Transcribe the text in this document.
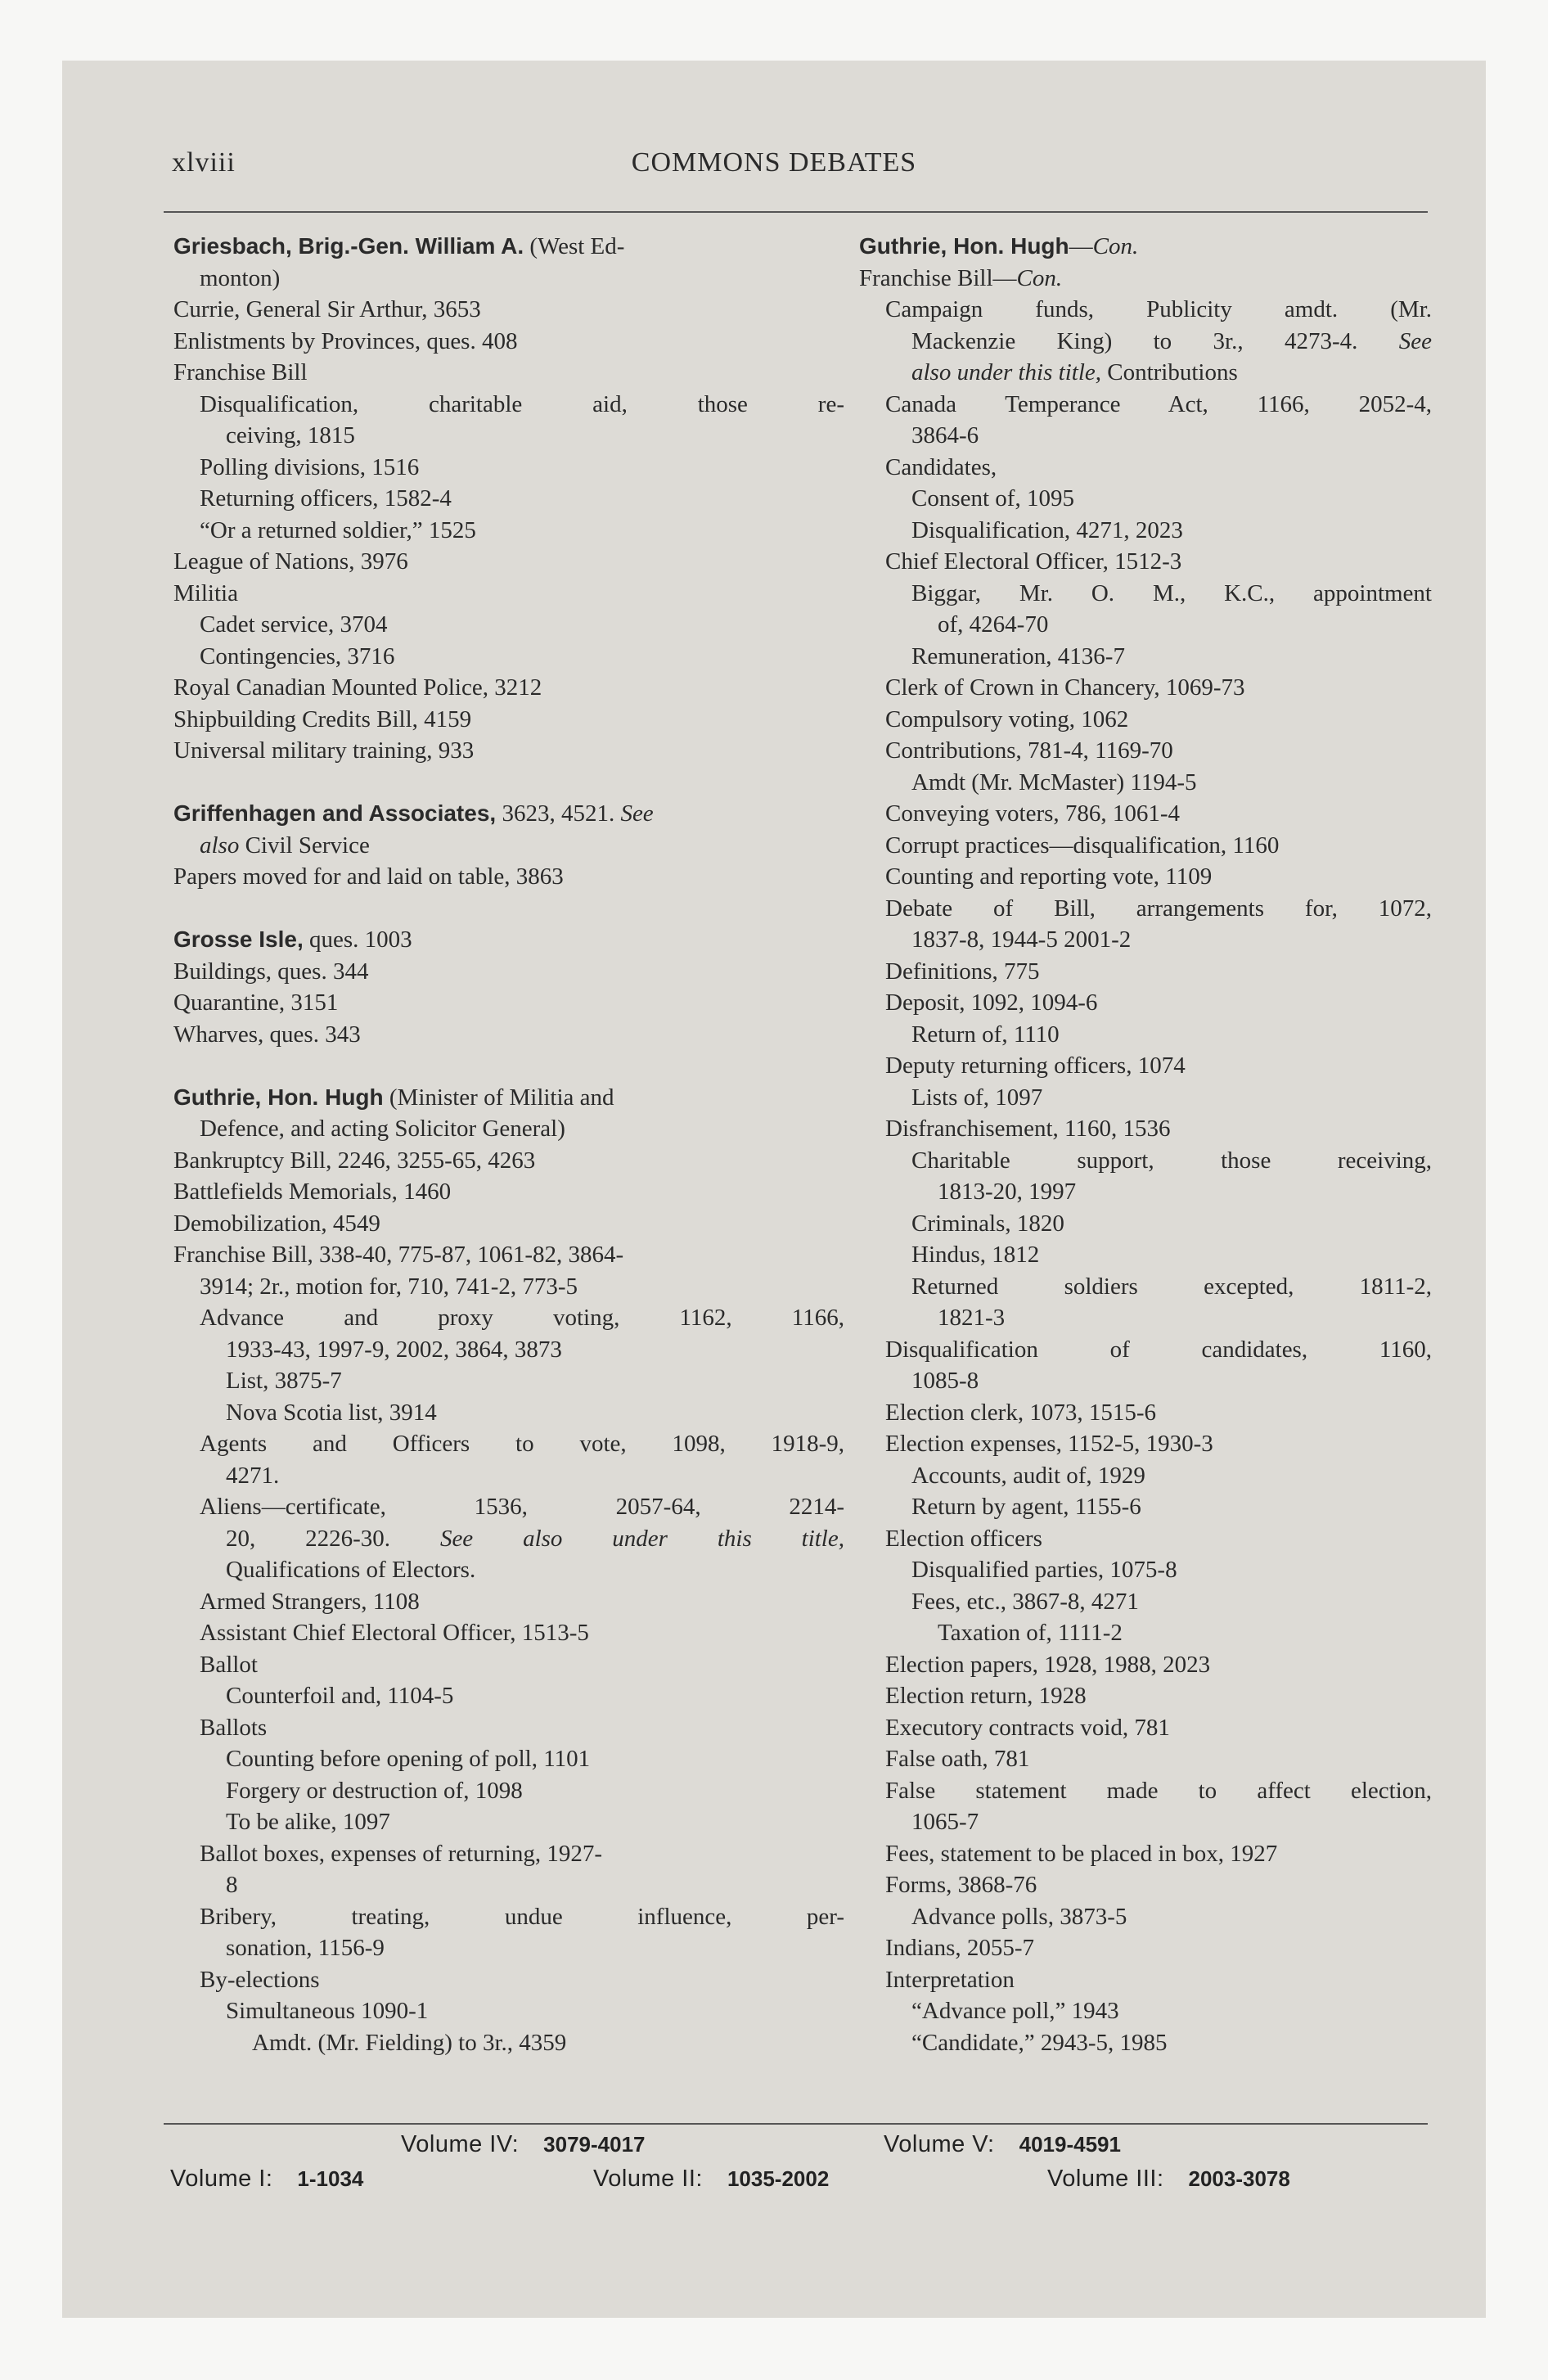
xlviii	COMMONS DEBATES
Griesbach, Brig.-Gen. William A. (West Ed-
monton)
Currie, General Sir Arthur, 3653
Enlistments by Provinces, ques. 408
Franchise Bill
Disqualification, charitable aid, those re-
ceiving, 1815
Polling divisions, 1516
Returning officers, 1582-4
“Or a returned soldier,” 1525
League of Nations, 3976
Militia
Cadet service, 3704
Contingencies, 3716
Royal Canadian Mounted Police, 3212
Shipbuilding Credits Bill, 4159
Universal military training, 933
Griffenhagen and Associates, 3623, 4521. See
also Civil Service
Papers moved for and laid on table, 3863
Grosse Isle, ques. 1003
Buildings, ques. 344
Quarantine, 3151
Wharves, ques. 343
Guthrie, Hon. Hugh (Minister of Militia and
Defence, and acting Solicitor General)
Bankruptcy Bill, 2246, 3255-65, 4263
Battlefields Memorials, 1460
Demobilization, 4549
Franchise Bill, 338-40, 775-87, 1061-82, 3864-
3914; 2r., motion for, 710, 741-2, 773-5
Advance and proxy voting, 1162, 1166,
1933-43, 1997-9, 2002, 3864, 3873
List, 3875-7
Nova Scotia list, 3914
Agents and Officers to vote, 1098, 1918-9,
4271.
Aliens—certificate, 1536, 2057-64, 2214-
20, 2226-30. See also under this title,
Qualifications of Electors.
Armed Strangers, 1108
Assistant Chief Electoral Officer, 1513-5
Ballot
Counterfoil and, 1104-5
Ballots
Counting before opening of poll, 1101
Forgery or destruction of, 1098
To be alike, 1097
Ballot boxes, expenses of returning, 1927-
8
Bribery, treating, undue influence, per-
sonation, 1156-9
By-elections
Simultaneous 1090-1
Amdt. (Mr. Fielding) to 3r., 4359
Guthrie, Hon. Hugh—Con.
Franchise Bill—Con.
Campaign funds, Publicity amdt. (Mr.
Mackenzie King) to 3r., 4273-4. See
also under this title, Contributions
Canada Temperance Act, 1166, 2052-4,
3864-6
Candidates,
Consent of, 1095
Disqualification, 4271, 2023
Chief Electoral Officer, 1512-3
Biggar, Mr. O. M., K.C., appointment
of, 4264-70
Remuneration, 4136-7
Clerk of Crown in Chancery, 1069-73
Compulsory voting, 1062
Contributions, 781-4, 1169-70
Amdt (Mr. McMaster) 1194-5
Conveying voters, 786, 1061-4
Corrupt practices—disqualification, 1160
Counting and reporting vote, 1109
Debate of Bill, arrangements for, 1072,
1837-8, 1944-5 2001-2
Definitions, 775
Deposit, 1092, 1094-6
Return of, 1110
Deputy returning officers, 1074
Lists of, 1097
Disfranchisement, 1160, 1536
Charitable support, those receiving,
1813-20, 1997
Criminals, 1820
Hindus, 1812
Returned soldiers excepted, 1811-2,
1821-3
Disqualification of candidates, 1160,
1085-8
Election clerk, 1073, 1515-6
Election expenses, 1152-5, 1930-3
Accounts, audit of, 1929
Return by agent, 1155-6
Election officers
Disqualified parties, 1075-8
Fees, etc., 3867-8, 4271
Taxation of, 1111-2
Election papers, 1928, 1988, 2023
Election return, 1928
Executory contracts void, 781
False oath, 781
False statement made to affect election,
1065-7
Fees, statement to be placed in box, 1927
Forms, 3868-76
Advance polls, 3873-5
Indians, 2055-7
Interpretation
“Advance poll,” 1943
“Candidate,” 2943-5, 1985
Volume IV: 3079-4017	Volume V: 4019-4591
Volume I: 1-1034	Volume II: 1035-2002	Volume III: 2003-3078
